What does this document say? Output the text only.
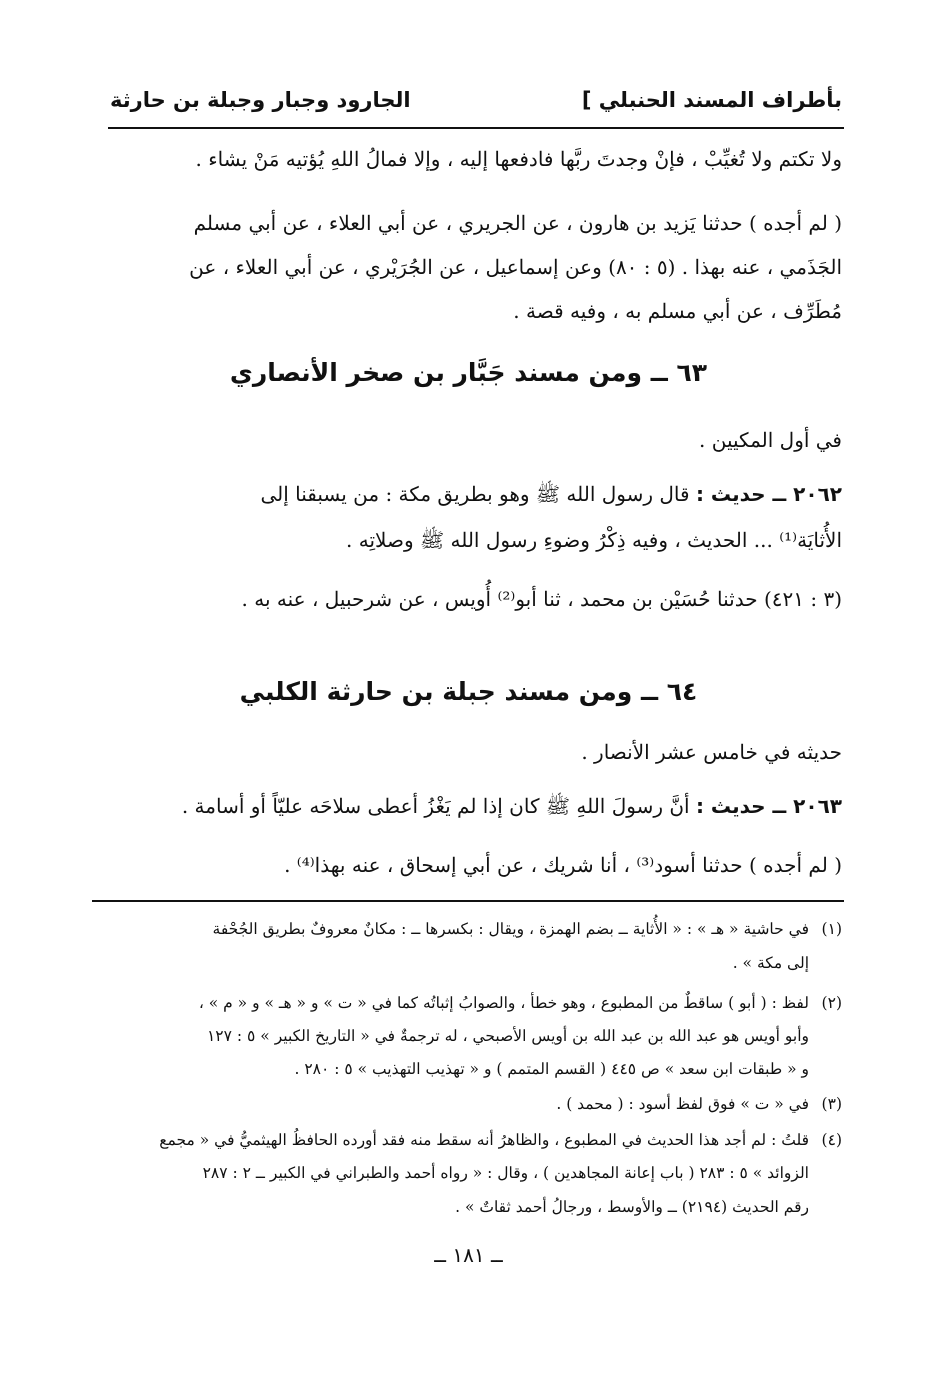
بأطراف المسند الحنبلي ]
الجارود وجبار وجبلة بن حارثة
ولا تكتم ولا تُغيِّبْ ، فإنْ وجدتَ ربَّها فادفعها إليه ، وإلا فمالُ اللهِ يُؤتيه مَنْ يشاء .
( لم أجده ) حدثنا يَزيد بن هارون ، عن الجريري ، عن أبي العلاء ، عن أبي مسلم
الجَذَمي ، عنه بهذا . (٥ : ٨٠) وعن إسماعيل ، عن الجُرَيْري ، عن أبي العلاء ، عن
مُطَرِّف ، عن أبي مسلم به ، وفيه قصة .
٦٣ ــ ومن مسند جَبَّار بن صخر الأنصاري
في أول المكيين .
٢٠٦٢ ــ حديث : قال رسول الله ﷺ وهو بطريق مكة : من يسبقنا إلى
الأُثايَة⁽¹⁾ ... الحديث ، وفيه ذِكْرُ وضوءِ رسول الله ﷺ وصلاتِه .
(٣ : ٤٢١) حدثنا حُسَيْن بن محمد ، ثنا أبو⁽²⁾ أُويس ، عن شرحبيل ، عنه به .
٦٤ ــ ومن مسند جبلة بن حارثة الكلبي
حديثه في خامس عشر الأنصار .
٢٠٦٣ ــ حديث : أنَّ رسولَ اللهِ ﷺ كان إذا لم يَغْزُ أعطى سلاحَه عليّاً أو أسامة .
( لم أجده ) حدثنا أسود⁽³⁾ ، أنا شريك ، عن أبي إسحاق ، عنه بهذا⁽⁴⁾ .
(١)
في حاشية « هـ » : « الأُثاية ــ بضم الهمزة ، ويقال : بكسرها ــ : مكانٌ معروفٌ بطريق الجُحْفة
إلى مكة » .
(٢)
لفظ : ( أبو ) ساقطٌ من المطبوع ، وهو خطأ ، والصوابُ إثباتُه كما في « ت » و « هـ » و « م » ،
وأبو أويس هو عبد الله بن عبد الله بن أويس الأصبحي ، له ترجمةٌ في « التاريخ الكبير » ٥ : ١٢٧
و « طبقات ابن سعد » ص ٤٤٥ ( القسم المتمم ) و « تهذيب التهذيب » ٥ : ٢٨٠ .
(٣)
في « ت » فوق لفظ أسود : ( محمد ) .
(٤)
قلتُ : لم أجد هذا الحديث في المطبوع ، والظاهرُ أنه سقط منه فقد أورده الحافظُ الهيثميُّ في « مجمع
الزوائد » ٥ : ٢٨٣ ( باب إعانة المجاهدين ) ، وقال : « رواه أحمد والطبراني في الكبير ــ ٢ : ٢٨٧
رقم الحديث (٢١٩٤) ــ والأوسط ، ورجالُ أحمد ثقاتٌ » .
ــ ١٨١ ــ
